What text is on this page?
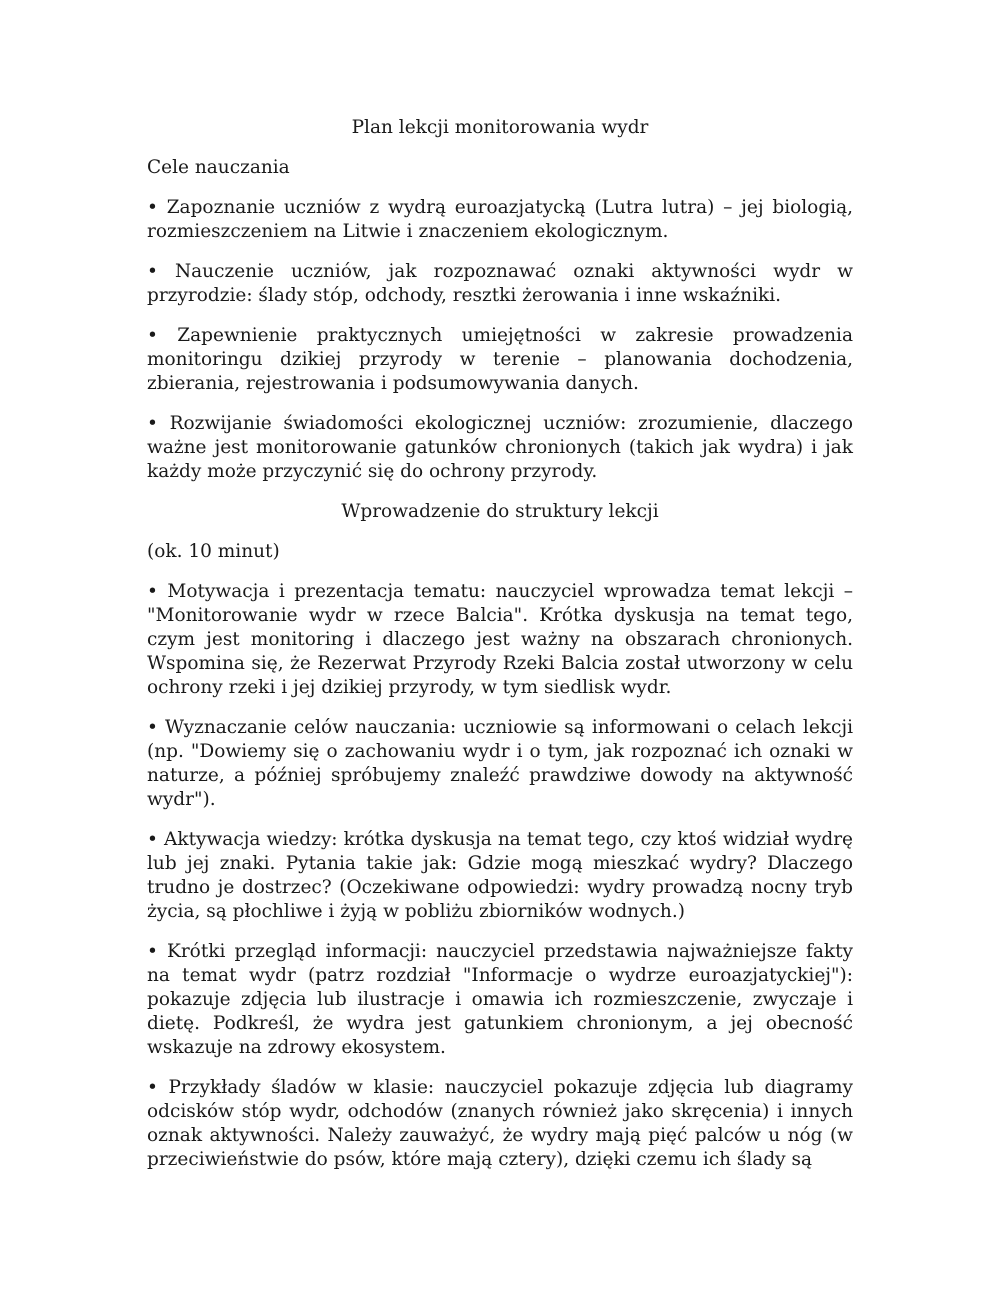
Plan lekcji monitorowania wydr

Cele nauczania

• Zapoznanie uczniów z wydrą euroazjatycką (Lutra lutra) – jej biologią, rozmieszczeniem na Litwie i znaczeniem ekologicznym.

• Nauczenie uczniów, jak rozpoznawać oznaki aktywności wydr w przyrodzie: ślady stóp, odchody, resztki żerowania i inne wskaźniki.

• Zapewnienie praktycznych umiejętności w zakresie prowadzenia monitoringu dzikiej przyrody w terenie – planowania dochodzenia, zbierania, rejestrowania i podsumowywania danych.

• Rozwijanie świadomości ekologicznej uczniów: zrozumienie, dlaczego ważne jest monitorowanie gatunków chronionych (takich jak wydra) i jak każdy może przyczynić się do ochrony przyrody.

Wprowadzenie do struktury lekcji

(ok. 10 minut)

• Motywacja i prezentacja tematu: nauczyciel wprowadza temat lekcji – "Monitorowanie wydr w rzece Balcia". Krótka dyskusja na temat tego, czym jest monitoring i dlaczego jest ważny na obszarach chronionych. Wspomina się, że Rezerwat Przyrody Rzeki Balcia został utworzony w celu ochrony rzeki i jej dzikiej przyrody, w tym siedlisk wydr.

• Wyznaczanie celów nauczania: uczniowie są informowani o celach lekcji (np. "Dowiemy się o zachowaniu wydr i o tym, jak rozpoznać ich oznaki w naturze, a później spróbujemy znaleźć prawdziwe dowody na aktywność wydr").

• Aktywacja wiedzy: krótka dyskusja na temat tego, czy ktoś widział wydrę lub jej znaki. Pytania takie jak: Gdzie mogą mieszkać wydry? Dlaczego trudno je dostrzec? (Oczekiwane odpowiedzi: wydry prowadzą nocny tryb życia, są płochliwe i żyją w pobliżu zbiorników wodnych.)

• Krótki przegląd informacji: nauczyciel przedstawia najważniejsze fakty na temat wydr (patrz rozdział "Informacje o wydrze euroazjatyckiej"): pokazuje zdjęcia lub ilustracje i omawia ich rozmieszczenie, zwyczaje i dietę. Podkreśl, że wydra jest gatunkiem chronionym, a jej obecność wskazuje na zdrowy ekosystem.

• Przykłady śladów w klasie: nauczyciel pokazuje zdjęcia lub diagramy odcisków stóp wydr, odchodów (znanych również jako skręcenia) i innych oznak aktywności. Należy zauważyć, że wydry mają pięć palców u nóg (w przeciwieństwie do psów, które mają cztery), dzięki czemu ich ślady są
